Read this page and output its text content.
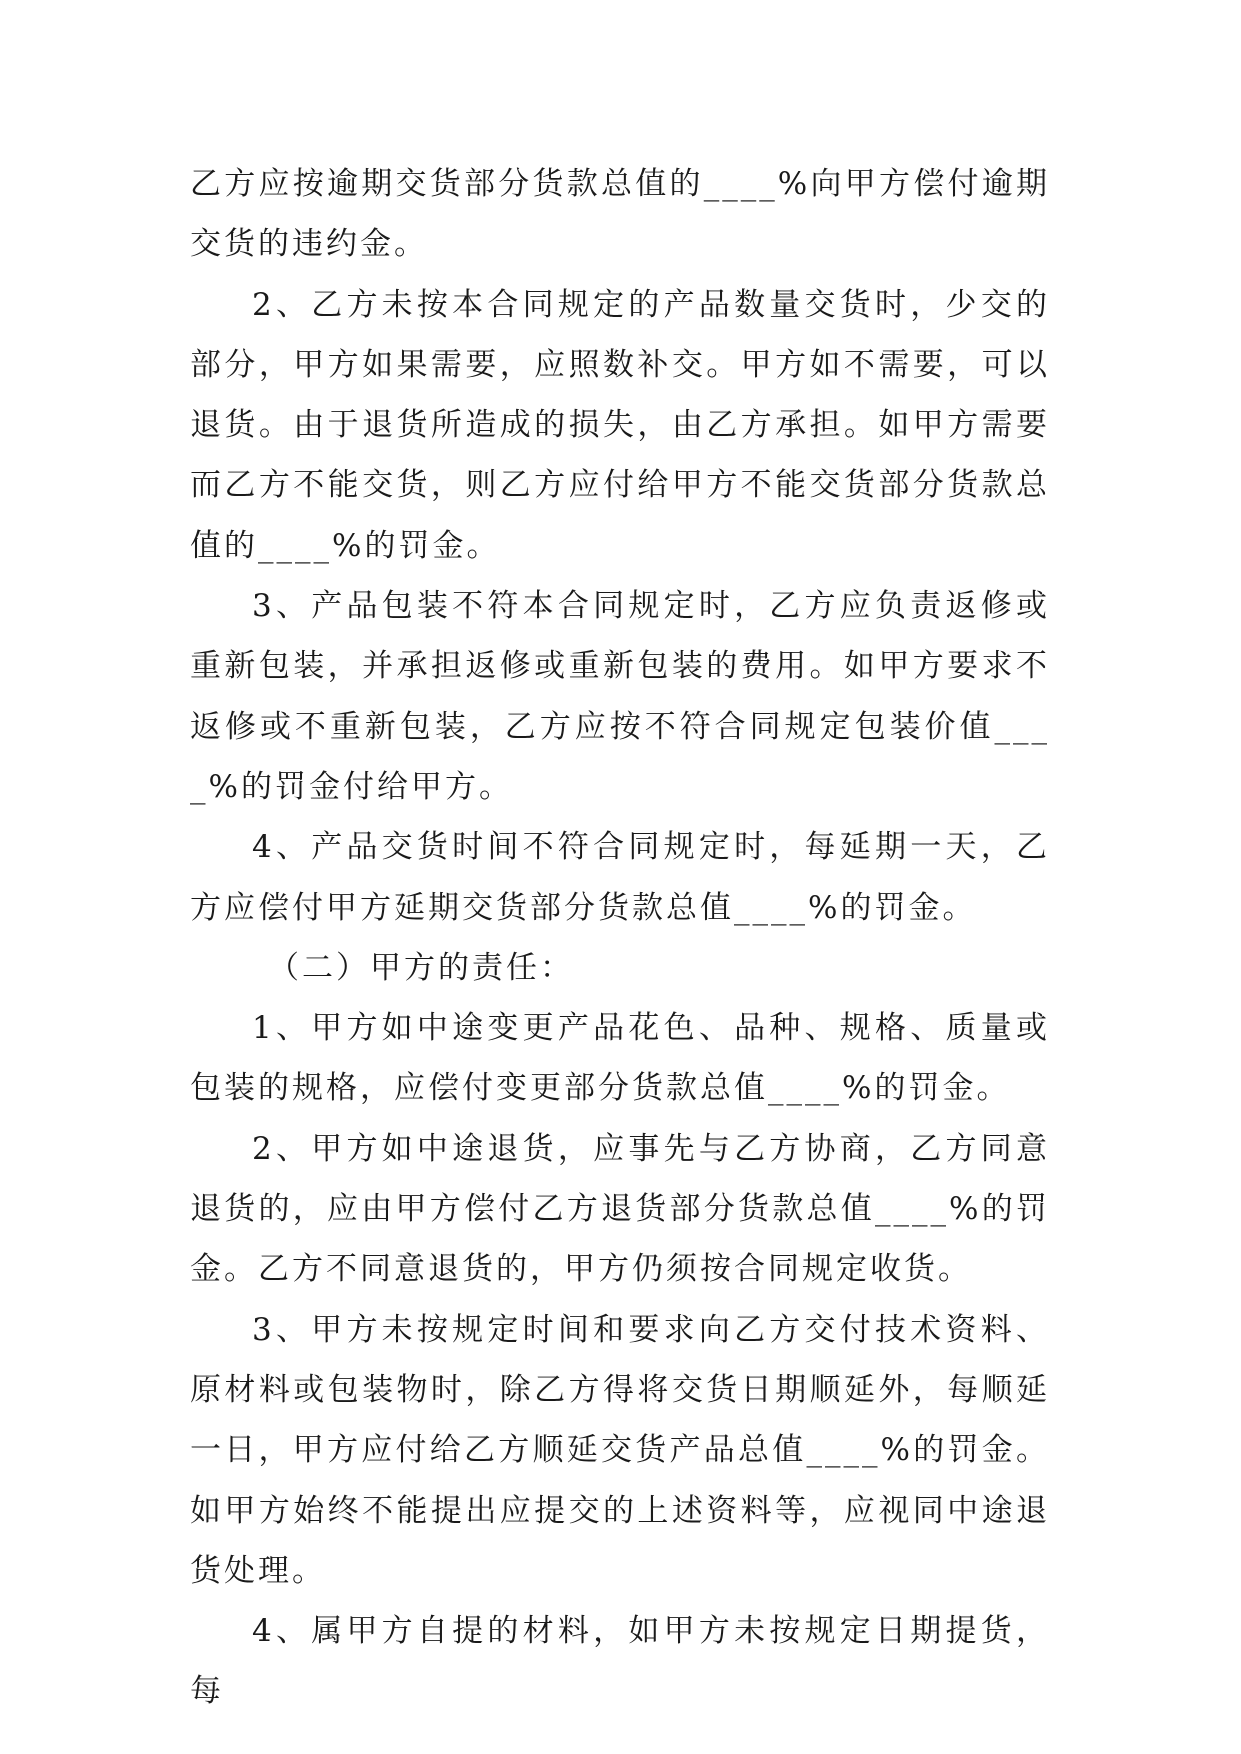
乙方应按逾期交货部分货款总值的____%向甲方偿付逾期交货的违约金。

2、乙方未按本合同规定的产品数量交货时，少交的部分，甲方如果需要，应照数补交。甲方如不需要，可以退货。由于退货所造成的损失，由乙方承担。如甲方需要而乙方不能交货，则乙方应付给甲方不能交货部分货款总值的____%的罚金。

3、产品包装不符本合同规定时，乙方应负责返修或重新包装，并承担返修或重新包装的费用。如甲方要求不返修或不重新包装，乙方应按不符合同规定包装价值____%的罚金付给甲方。

4、产品交货时间不符合同规定时，每延期一天，乙方应偿付甲方延期交货部分货款总值____%的罚金。

（二）甲方的责任：

1、甲方如中途变更产品花色、品种、规格、质量或包装的规格，应偿付变更部分货款总值____%的罚金。

2、甲方如中途退货，应事先与乙方协商，乙方同意退货的，应由甲方偿付乙方退货部分货款总值____%的罚金。乙方不同意退货的，甲方仍须按合同规定收货。

3、甲方未按规定时间和要求向乙方交付技术资料、原材料或包装物时，除乙方得将交货日期顺延外，每顺延一日，甲方应付给乙方顺延交货产品总值____%的罚金。如甲方始终不能提出应提交的上述资料等，应视同中途退货处理。

4、属甲方自提的材料，如甲方未按规定日期提货，每
